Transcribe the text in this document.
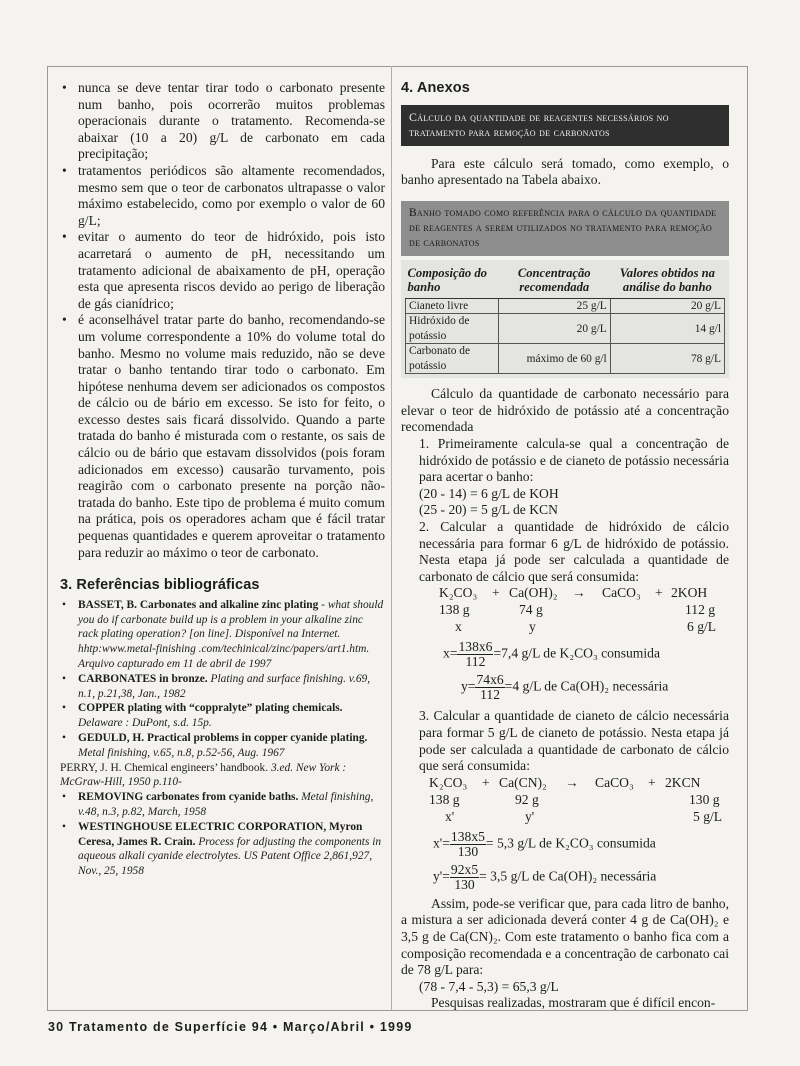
• nunca se deve tentar tirar todo o carbonato presente num banho, pois ocorrerão muitos problemas operacionais durante o tratamento. Recomenda-se abaixar (10 a 20) g/L de carbonato em cada precipitação;
• tratamentos periódicos são altamente recomendados, mesmo sem que o teor de carbonatos ultrapasse o valor máximo estabelecido, como por exemplo o valor de 60 g/L;
• evitar o aumento do teor de hidróxido, pois isto acarretará o aumento de pH, necessitando um tratamento adicional de abaixamento de pH, operação esta que apresenta riscos devido ao perigo de liberação de gás cianídrico;
• é aconselhável tratar parte do banho, recomendando-se um volume correspondente a 10% do volume total do banho. Mesmo no volume mais reduzido, não se deve tratar o banho tentando tirar todo o carbonato. Em hipótese nenhuma devem ser adicionados os compostos de cálcio ou de bário em excesso. Se isto for feito, o excesso destes sais ficará dissolvido. Quando a parte tratada do banho é misturada com o restante, os sais de cálcio ou de bário que estavam dissolvidos (pois foram adicionados em excesso) causarão turvamento, pois reagirão com o carbonato presente na porção não-tratada do banho. Este tipo de problema é muito comum na prática, pois os operadores acham que é fácil tratar pequenas quantidades e querem aproveitar o tratamento para reduzir ao máximo o teor de carbonato.
3. Referências bibliográficas
• BASSET, B. Carbonates and alkaline zinc plating - what should you do if carbonate build up is a problem in your alkaline zinc rack plating operation? [on line]. Disponível na Internet. hhtp:www.metal-finishing .com/techinical/zinc/papers/art1.htm. Arquivo capturado em 11 de abril de 1997
• CARBONATES in bronze. Plating and surface finishing. v.69, n.1, p.21,38, Jan., 1982
• COPPER plating with “coppralyte” plating chemicals. Delaware : DuPont, s.d. 15p.
• GEDULD, H. Practical problems in copper cyanide plating. Metal finishing, v.65, n.8, p.52-56, Aug. 1967
PERRY, J. H. Chemical engineers’ handbook. 3.ed. New York : McGraw-Hill, 1950 p.110-
• REMOVING carbonates from cyanide baths. Metal finishing, v.48, n.3, p.82, March, 1958
• WESTINGHOUSE ELECTRIC CORPORATION, Myron Ceresa, James R. Crain. Process for adjusting the components in aqueous alkali cyanide electrolytes. US Patent Office 2,861,927, Nov., 25, 1958
4. Anexos
Cálculo da quantidade de reagentes necessários no tratamento para remoção de carbonatos

Para este cálculo será tomado, como exemplo, o banho apresentado na Tabela abaixo.

Banho tomado como referência para o cálculo da quantidade de reagentes a serem utilizados no tratamento para remoção de carbonatos
Composição do banho	Concentração recomendada	Valores obtidos na análise do banho
Cianeto livre	25 g/L	20 g/L
Hidróxido de potássio	20 g/L	14 g/l
Carbonato de potássio	máximo de 60 g/l	78 g/L

Cálculo da quantidade de carbonato necessário para elevar o teor de hidróxido de potássio até a concentração recomendada

1. Primeiramente calcula-se qual a concentração de hidróxido de potássio e de cianeto de potássio necessária para acertar o banho:
(20 - 14) = 6 g/L de KOH
(25 - 20) = 5 g/L de KCN
2. Calcular a quantidade de hidróxido de cálcio necessária para formar 6 g/L de hidróxido de potássio. Nesta etapa já pode ser calculada a quantidade de carbonato de cálcio que será consumida:
K₂CO₃ + Ca(OH)₂ → CaCO₃ + 2KOH
138 g	74 g	112 g
x	y	6 g/L
$x= \frac{138x6}{112} =7,4$ g/L de K₂CO₃ consumida
$y= \frac{74x6}{112} =4$ g/L de Ca(OH)₂ necessária
3. Calcular a quantidade de cianeto de cálcio necessária para formar 5 g/L de cianeto de potássio. Nesta etapa já pode ser calculada a quantidade de carbonato de cálcio que será consumida:
K₂CO₃ + Ca(CN)₂ → CaCO₃ + 2KCN
138 g	92 g	130 g
x'	y'	5 g/L
$x'= \frac{138x5}{130} = 5,3$ g/L de K₂CO₃ consumida
$y'= \frac{92x5}{130} = 3,5$ g/L de Ca(OH)₂ necessária

Assim, pode-se verificar que, para cada litro de banho, a mistura a ser adicionada deverá conter 4 g de Ca(OH)₂ e 3,5 g de Ca(CN)₂. Com este tratamento o banho fica com a composição recomendada e a concentração de carbonato cai de 78 g/L para:

(78 - 7,4 - 5,3) = 65,3 g/L

Pesquisas realizadas, mostraram que é difícil encon-

30 Tratamento de Superfície 94 • Março/Abril • 1999
